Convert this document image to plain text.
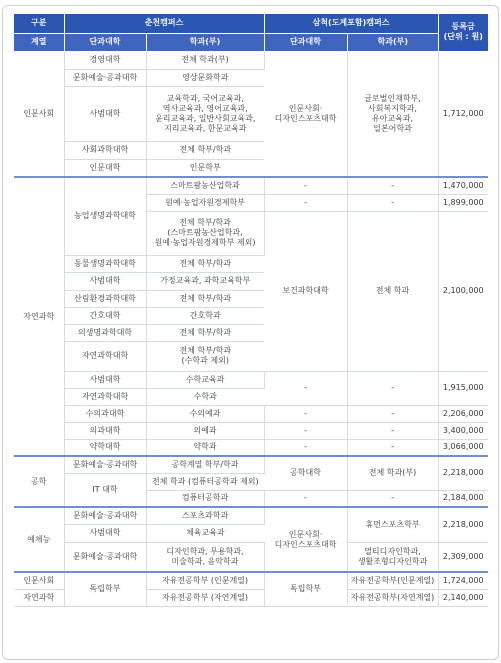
구분	춘천캠퍼스		삼척(도계포함)캠퍼스		등록금
(단위 : 원)
계열	단과대학	학과(부)	단과대학	학과(부)	
인문사회	경영대학	전체 학과(부)	인문사회·
디자인스포츠대학	글로벌인재학부,
사회복지학과,
유아교육과,
일본어학과	1,712,000
	문화예술·공과대학	영상문화학과			
	사범대학	교육학과, 국어교육과,
역사교육과, 영어교육과,
윤리교육과, 일반사회교육과,
지리교육과, 한문교육과			
	사회과학대학	전체 학부/학과			
	인문대학	인문학부			
자연과학	농업생명과학대학	스마트팜농산업학과	-	-	1,470,000
		원예·농업자원경제학부	-	-	1,899,000
		전체 학부/학과
(스마트팜농산업학과,
원예·농업자원경제학부 제외)	보건과학대학	전체 학과	2,100,000
	동물생명과학대학	전체 학부/학과			
	사범대학	가정교육과, 과학교육학부			
	산림환경과학대학	전체 학부/학과			
	간호대학	간호학과			
	의생명과학대학	전체 학부/학과			
	자연과학대학	전체 학부/학과
(수학과 제외)			
	사범대학	수학교육과	-	-	1,915,000
	자연과학대학	수학과			
	수의과대학	수의예과	-	-	2,206,000
	의과대학	의예과	-	-	3,400,000
	약학대학	약학과	-	-	3,066,000
공학	문화예술·공과대학	공학계열 학부/학과	공학대학	전체 학과(부)	2,218,000
	IT 대학	전체 학과 (컴퓨터공학과 제외)			
		컴퓨터공학과	-	-	2,184,000
예체능	문화예술·공과대학	스포츠과학과	인문사회·
디자인스포츠대학	휴먼스포츠학부	2,218,000
	사범대학	체육교육과			
	문화예술·공과대학	디자인학과, 무용학과,
미술학과, 음악학과		멀티디자인학과,
생활조형디자인학과	2,309,000
인문사회	독립학부	자유전공학부 (인문계열)	독립학부	자유전공학부(인문계열)	1,724,000
자연과학		자유전공학부 (자연계열)		자유전공학부(자연계열)	2,140,000
